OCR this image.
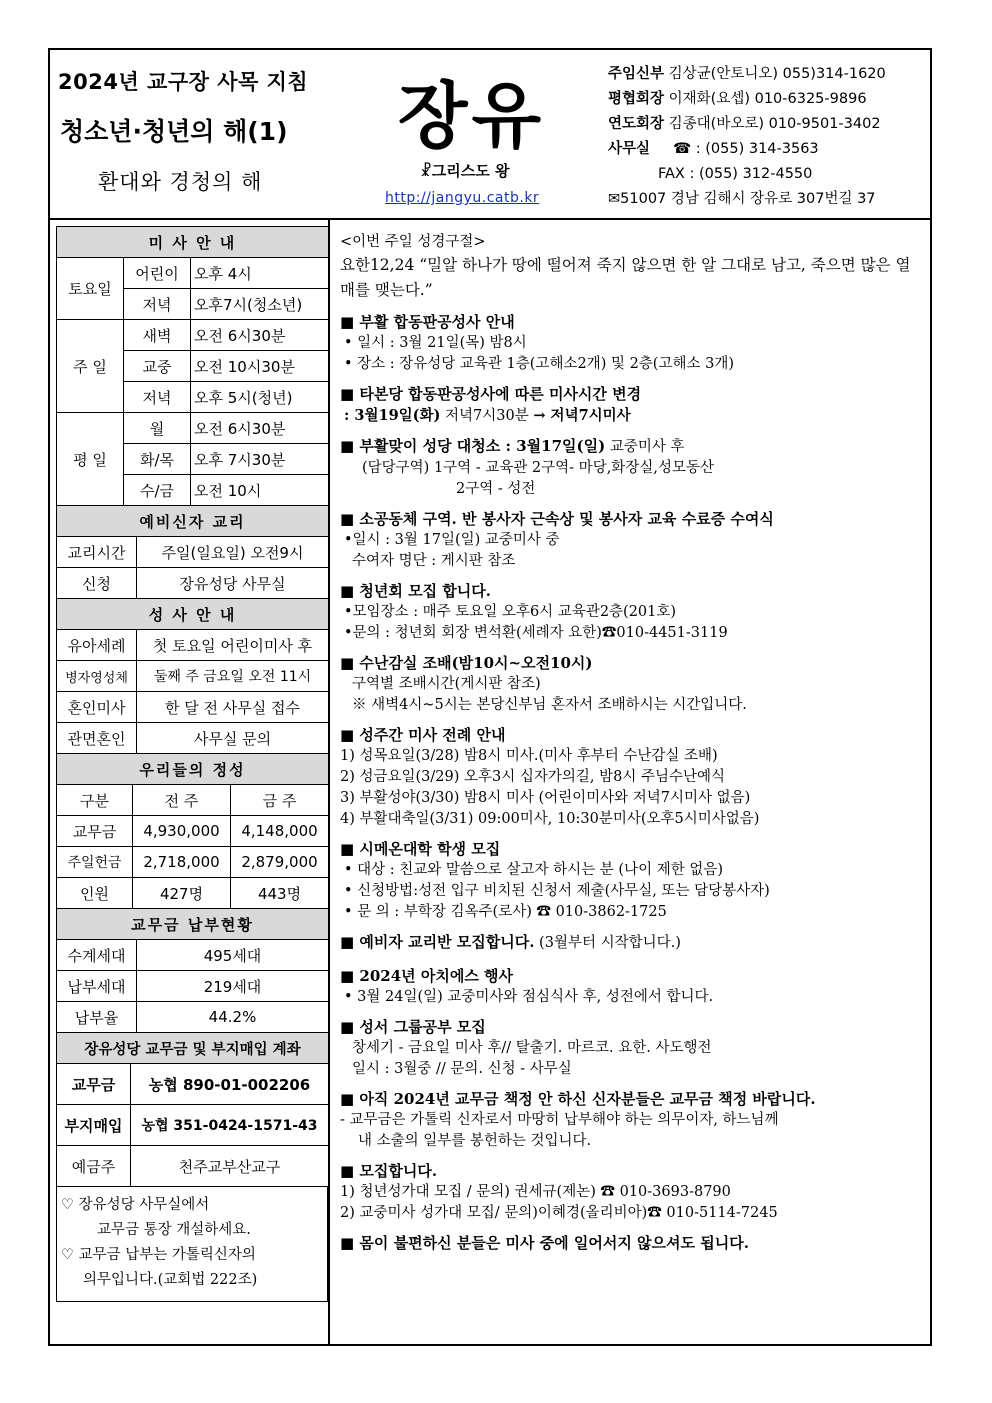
2024년 교구장 사목 지침
청소년·청년의 해(1)
환대와 경청의 해
장유
☧그리스도 왕
http://jangyu.catb.kr
주임신부 김상균(안토니오) 055)314-1620
평협회장 이재화(요셉) 010-6325-9896
연도회장 김종대(바오로) 010-9501-3402
사무실 ☎ : (055) 314-3563
FAX : (055) 312-4550
✉51007 경남 김해시 장유로 307번길 37
미 사 안 내		
토요일	어린이	오후 4시
	저녁	오후7시(청소년)
주 일	새벽	오전 6시30분
	교중	오전 10시30분
	저녁	오후 5시(청년)
평 일	월	오전 6시30분
	화/목	오후 7시30분
	수/금	오전 10시
예비신자 교리	
교리시간	주일(일요일) 오전9시
신청	장유성당 사무실
성 사 안 내	
유아세례	첫 토요일 어린이미사 후
병자영성체	둘째 주 금요일 오전 11시
혼인미사	한 달 전 사무실 접수
관면혼인	사무실 문의
우리들의 정성		
구분	전 주	금 주
교무금	4,930,000	4,148,000
주일헌금	2,718,000	2,879,000
인원	427명	443명
교무금 납부현황	
수계세대	495세대
납부세대	219세대
납부율	44.2%
장유성당 교무금 및 부지매입 계좌	
교무금	농협 890-01-002206
부지매입	농협 351-0424-1571-43
예금주	천주교부산교구
♡ 장유성당 사무실에서
교무금 통장 개설하세요.
♡ 교무금 납부는 가톨릭신자의
의무입니다.(교회법 222조)
<이번 주일 성경구절>
요한12,24 “밀알 하나가 땅에 떨어져 죽지 않으면 한 알 그대로 남고, 죽으면 많은 열매를 맺는다.”
■ 부활 합동판공성사 안내
• 일시 : 3월 21일(목) 밤8시
• 장소 : 장유성당 교육관 1층(고해소2개) 및 2층(고해소 3개)
■ 타본당 합동판공성사에 따른 미사시간 변경
: 3월19일(화) 저녁7시30분 → 저녁7시미사
■ 부활맞이 성당 대청소 : 3월17일(일) 교중미사 후
(담당구역) 1구역 - 교육관 2구역- 마당,화장실,성모동산
2구역 - 성전
■ 소공동체 구역. 반 봉사자 근속상 및 봉사자 교육 수료증 수여식
•일시 : 3월 17일(일) 교중미사 중
수여자 명단 : 게시판 참조
■ 청년회 모집 합니다.
•모임장소 : 매주 토요일 오후6시 교육관2층(201호)
•문의 : 청년회 회장 변석환(세례자 요한)☎010-4451-3119
■ 수난감실 조배(밤10시~오전10시)
구역별 조배시간(게시판 참조)
※ 새벽4시~5시는 본당신부님 혼자서 조배하시는 시간입니다.
■ 성주간 미사 전례 안내
1) 성목요일(3/28) 밤8시 미사.(미사 후부터 수난감실 조배)
2) 성금요일(3/29) 오후3시 십자가의길, 밤8시 주님수난예식
3) 부활성야(3/30) 밤8시 미사 (어린이미사와 저녁7시미사 없음)
4) 부활대축일(3/31) 09:00미사, 10:30분미사(오후5시미사없음)
■ 시메온대학 학생 모집
• 대상 : 친교와 말씀으로 살고자 하시는 분 (나이 제한 없음)
• 신청방법:성전 입구 비치된 신청서 제출(사무실, 또는 담당봉사자)
• 문 의 : 부학장 김옥주(로사) ☎ 010-3862-1725
■ 예비자 교리반 모집합니다. (3월부터 시작합니다.)
■ 2024년 아치에스 행사
• 3월 24일(일) 교중미사와 점심식사 후, 성전에서 합니다.
■ 성서 그룹공부 모집
창세기 - 금요일 미사 후// 탈출기. 마르코. 요한. 사도행전
일시 : 3월중 // 문의. 신청 - 사무실
■ 아직 2024년 교무금 책정 안 하신 신자분들은 교무금 책정 바랍니다.
- 교무금은 가톨릭 신자로서 마땅히 납부해야 하는 의무이자, 하느님께
내 소출의 일부를 봉헌하는 것입니다.
■ 모집합니다.
1) 청년성가대 모집 / 문의) 권세규(제논) ☎ 010-3693-8790
2) 교중미사 성가대 모집/ 문의)이혜경(올리비아)☎ 010-5114-7245
■ 몸이 불편하신 분들은 미사 중에 일어서지 않으셔도 됩니다.
